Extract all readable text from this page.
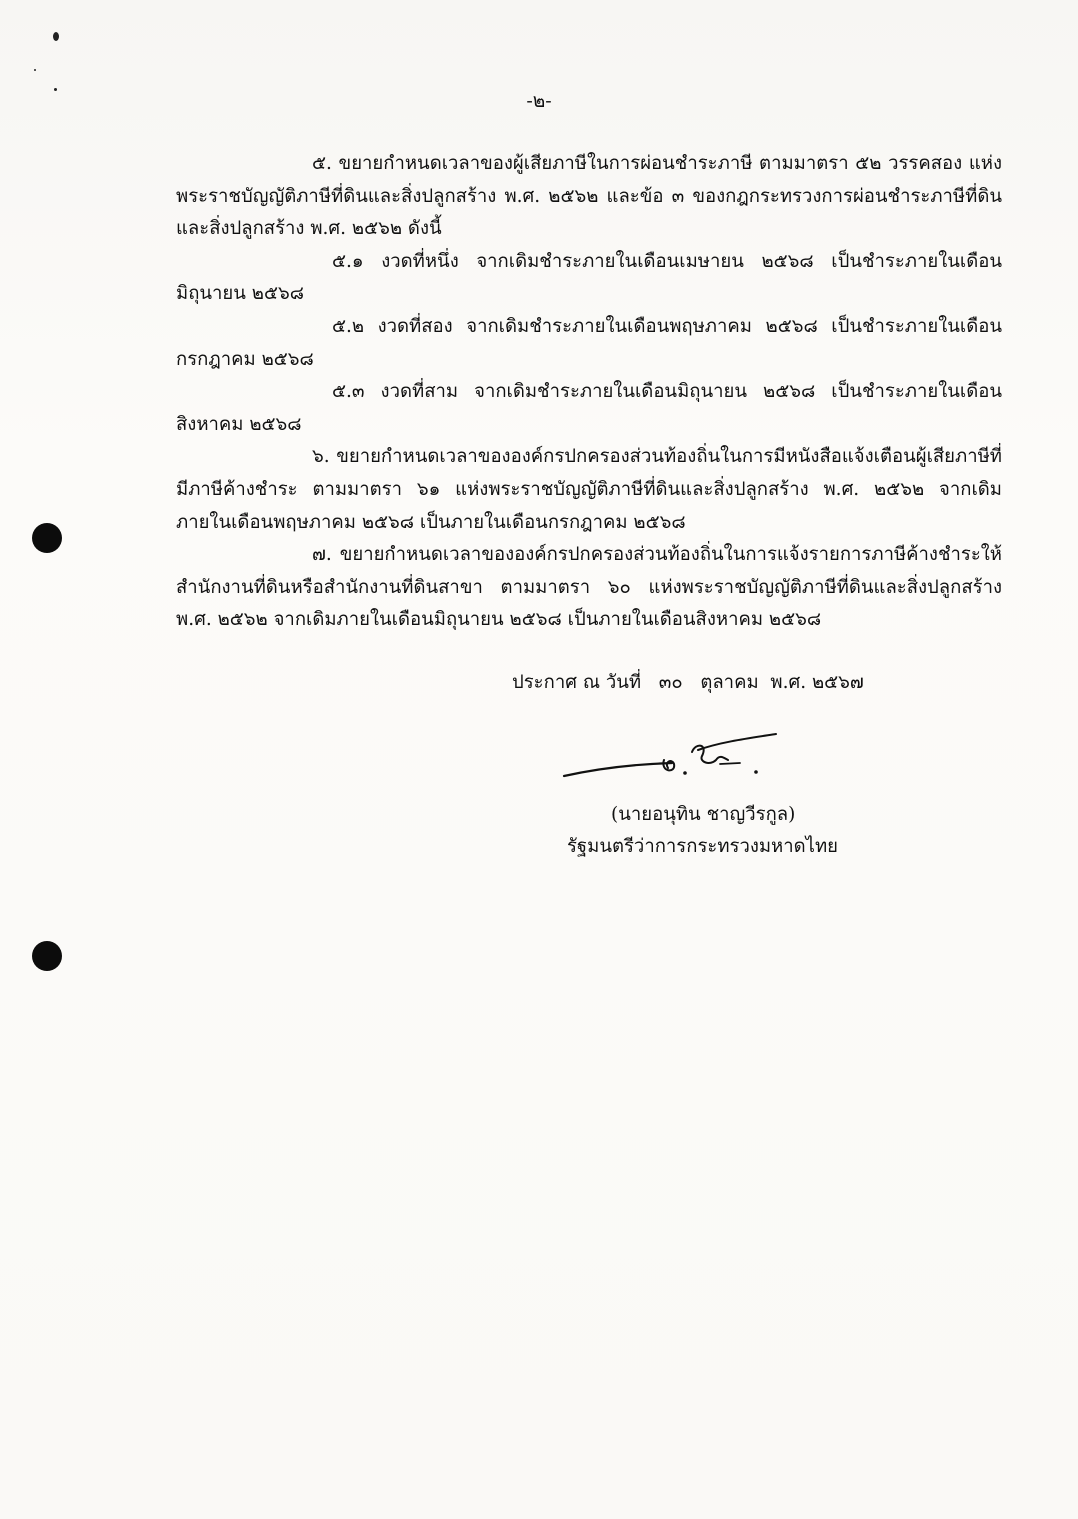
-๒-

๕. ขยายกำหนดเวลาของผู้เสียภาษีในการผ่อนชำระภาษี ตามมาตรา ๕๒ วรรคสอง แห่งพระราชบัญญัติภาษีที่ดินและสิ่งปลูกสร้าง พ.ศ. ๒๕๖๒ และข้อ ๓ ของกฎกระทรวงการผ่อนชำระภาษีที่ดินและสิ่งปลูกสร้าง พ.ศ. ๒๕๖๒ ดังนี้

๕.๑ งวดที่หนึ่ง จากเดิมชำระภายในเดือนเมษายน ๒๕๖๘ เป็นชำระภายในเดือนมิถุนายน ๒๕๖๘

๕.๒ งวดที่สอง จากเดิมชำระภายในเดือนพฤษภาคม ๒๕๖๘ เป็นชำระภายในเดือนกรกฎาคม ๒๕๖๘

๕.๓ งวดที่สาม จากเดิมชำระภายในเดือนมิถุนายน ๒๕๖๘ เป็นชำระภายในเดือนสิงหาคม ๒๕๖๘

๖. ขยายกำหนดเวลาขององค์กรปกครองส่วนท้องถิ่นในการมีหนังสือแจ้งเตือนผู้เสียภาษีที่มีภาษีค้างชำระ ตามมาตรา ๖๑ แห่งพระราชบัญญัติภาษีที่ดินและสิ่งปลูกสร้าง พ.ศ. ๒๕๖๒ จากเดิมภายในเดือนพฤษภาคม ๒๕๖๘ เป็นภายในเดือนกรกฎาคม ๒๕๖๘

๗. ขยายกำหนดเวลาขององค์กรปกครองส่วนท้องถิ่นในการแจ้งรายการภาษีค้างชำระให้สำนักงานที่ดินหรือสำนักงานที่ดินสาขา ตามมาตรา ๖๐ แห่งพระราชบัญญัติภาษีที่ดินและสิ่งปลูกสร้าง พ.ศ. ๒๕๖๒ จากเดิมภายในเดือนมิถุนายน ๒๕๖๘ เป็นภายในเดือนสิงหาคม ๒๕๖๘

ประกาศ ณ วันที่   ๓๐   ตุลาคม  พ.ศ. ๒๕๖๗
(นายอนุทิน ชาญวีรกูล)
รัฐมนตรีว่าการกระทรวงมหาดไทย
